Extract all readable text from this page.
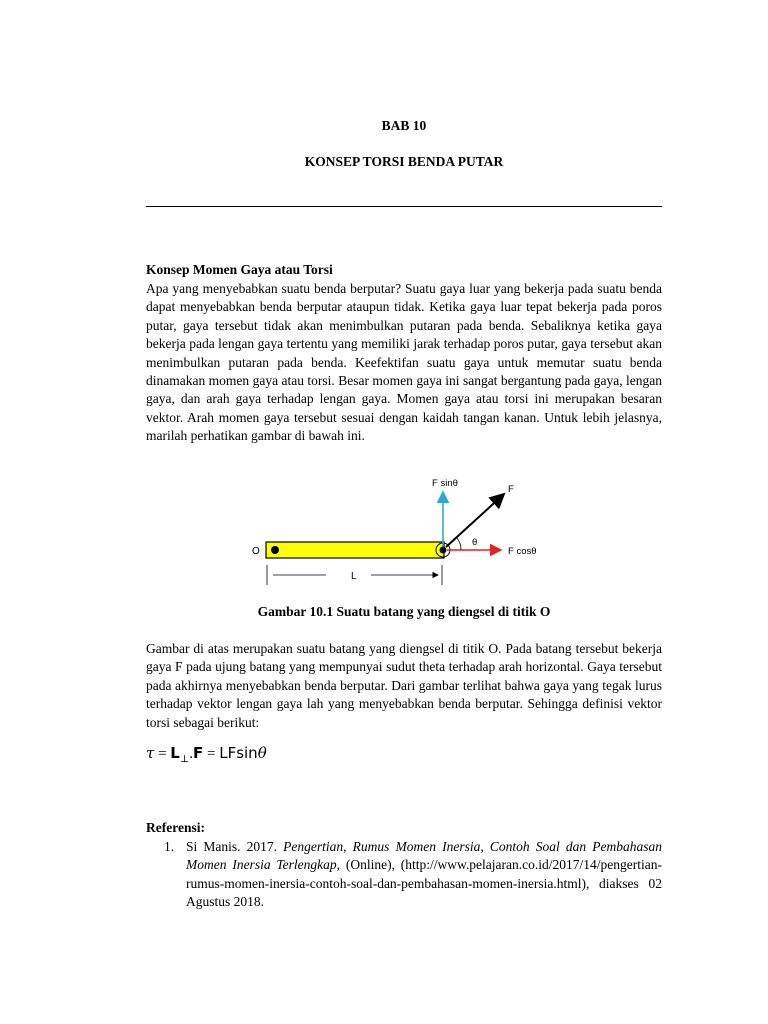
BAB 10
KONSEP TORSI BENDA PUTAR
Konsep Momen Gaya atau Torsi

Apa yang menyebabkan suatu benda berputar? Suatu gaya luar yang bekerja pada suatu benda dapat menyebabkan benda berputar ataupun tidak. Ketika gaya luar tepat bekerja pada poros putar, gaya tersebut tidak akan menimbulkan putaran pada benda. Sebaliknya ketika gaya bekerja pada lengan gaya tertentu yang memiliki jarak terhadap poros putar, gaya tersebut akan menimbulkan putaran pada benda. Keefektifan suatu gaya untuk memutar suatu benda dinamakan momen gaya atau torsi. Besar momen gaya ini sangat bergantung pada gaya, lengan gaya, dan arah gaya terhadap lengan gaya. Momen gaya atau torsi ini merupakan besaran vektor. Arah momen gaya tersebut sesuai dengan kaidah tangan kanan. Untuk lebih jelasnya, marilah perhatikan gambar di bawah ini.

O
F sinθ
F
θ
F cosθ
L
Gambar 10.1 Suatu batang yang diengsel di titik O

Gambar di atas merupakan suatu batang yang diengsel di titik O. Pada batang tersebut bekerja gaya F pada ujung batang yang mempunyai sudut theta terhadap arah horizontal. Gaya tersebut pada akhirnya menyebabkan benda berputar. Dari gambar terlihat bahwa gaya yang tegak lurus terhadap vektor lengan gaya lah yang menyebabkan benda berputar. Sehingga definisi vektor torsi sebagai berikut:

$\tau = L_\perp.F = LFsin\theta$
Referensi:
1. Si Manis. 2017. Pengertian, Rumus Momen Inersia, Contoh Soal dan Pembahasan Momen Inersia Terlengkap, (Online), (http://www.pelajaran.co.id/2017/14/pengertian-rumus-momen-inersia-contoh-soal-dan-pembahasan-momen-inersia.html), diakses 02 Agustus 2018.
